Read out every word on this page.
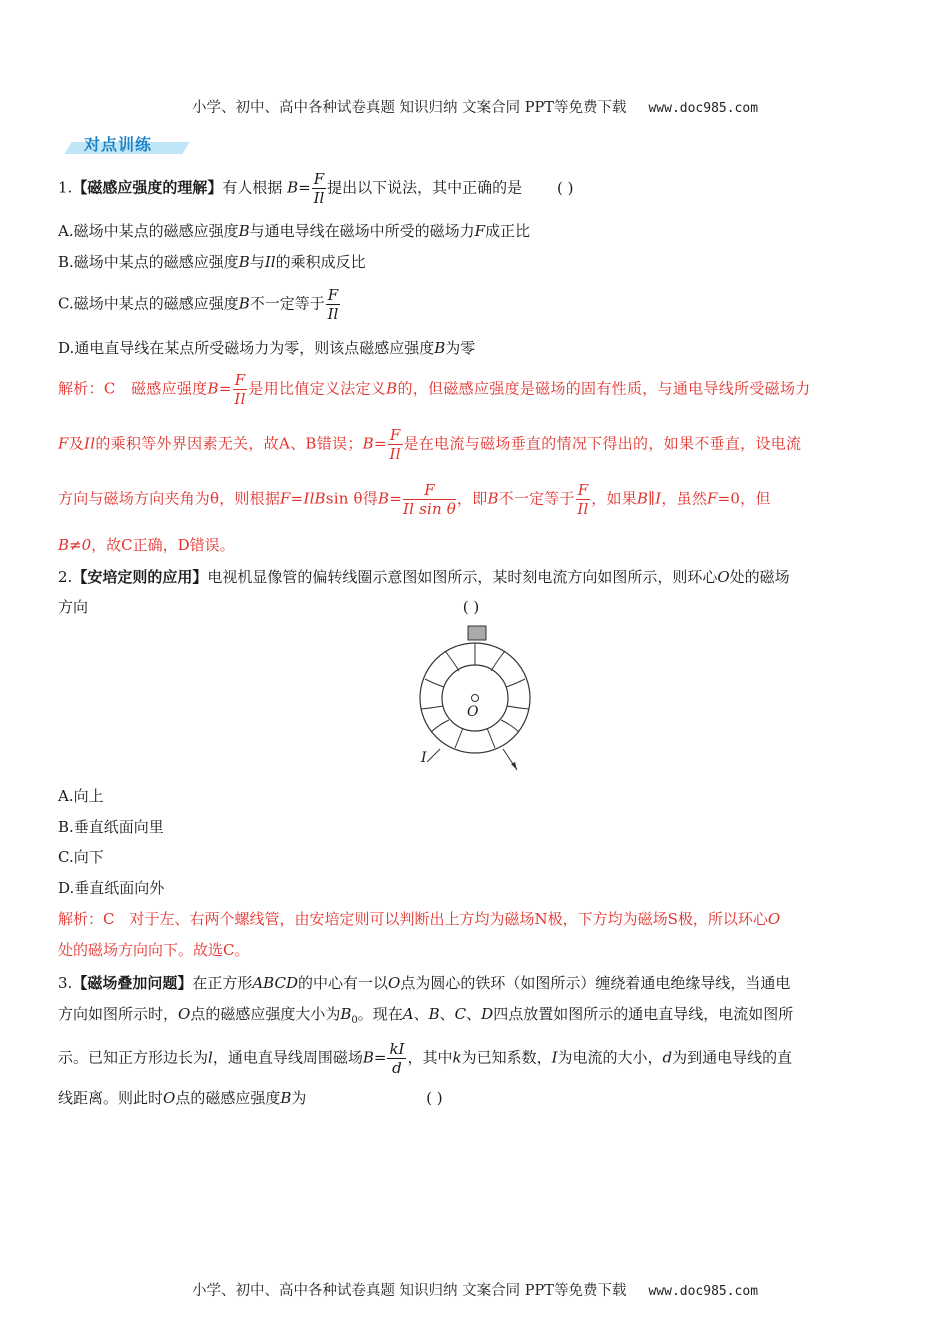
小学、初中、高中各种试卷真题 知识归纳 文案合同 PPT等免费下载 www.doc985.com
对点训练
1.【磁感应强度的理解】有人根据 $B= \frac{F}{Il}$ 提出以下说法，其中正确的是 ( )
A.磁场中某点的磁感应强度B与通电导线在磁场中所受的磁场力F成正比
B.磁场中某点的磁感应强度B与Il的乘积成反比
C.磁场中某点的磁感应强度B不一定等于 $\frac{F}{Il}$
D.通电直导线在某点所受磁场力为零，则该点磁感应强度B为零
解析：C　磁感应强度$B= \frac{F}{Il}$ 是用比值定义法定义B的，但磁感应强度是磁场的固有性质，与通电导线所受磁场力
F及Il的乘积等外界因素无关，故A、B错误；$B= \frac{F}{Il}$ 是在电流与磁场垂直的情况下得出的，如果不垂直，设电流
方向与磁场方向夹角为θ，则根据F=IlBsin θ得$B= \frac{F}{\text{Il sin θ}}$ ，即B不一定等于 $\frac{F}{Il}$ ，如果B∥I，虽然F=0，但
B≠0，故C正确，D错误。
2.【安培定则的应用】电视机显像管的偏转线圈示意图如图所示，某时刻电流方向如图所示，则环心O处的磁场
方向	( )
O
I
A.向上
B.垂直纸面向里
C.向下
D.垂直纸面向外
解析：C　对于左、右两个螺线管，由安培定则可以判断出上方均为磁场N极，下方均为磁场S极，所以环心O
处的磁场方向向下。故选C。
3.【磁场叠加问题】在正方形ABCD的中心有一以O点为圆心的铁环（如图所示）缠绕着通电绝缘导线，当通电
方向如图所示时，O点的磁感应强度大小为$B_0$。现在A、B、C、D四点放置如图所示的通电直导线，电流如图所
示。已知正方形边长为l，通电直导线周围磁场$B= \frac{kI}{d}$ ，其中k为已知系数，I为电流的大小，d为到通电导线的直
线距离。则此时O点的磁感应强度B为	( )
小学、初中、高中各种试卷真题 知识归纳 文案合同 PPT等免费下载 www.doc985.com
